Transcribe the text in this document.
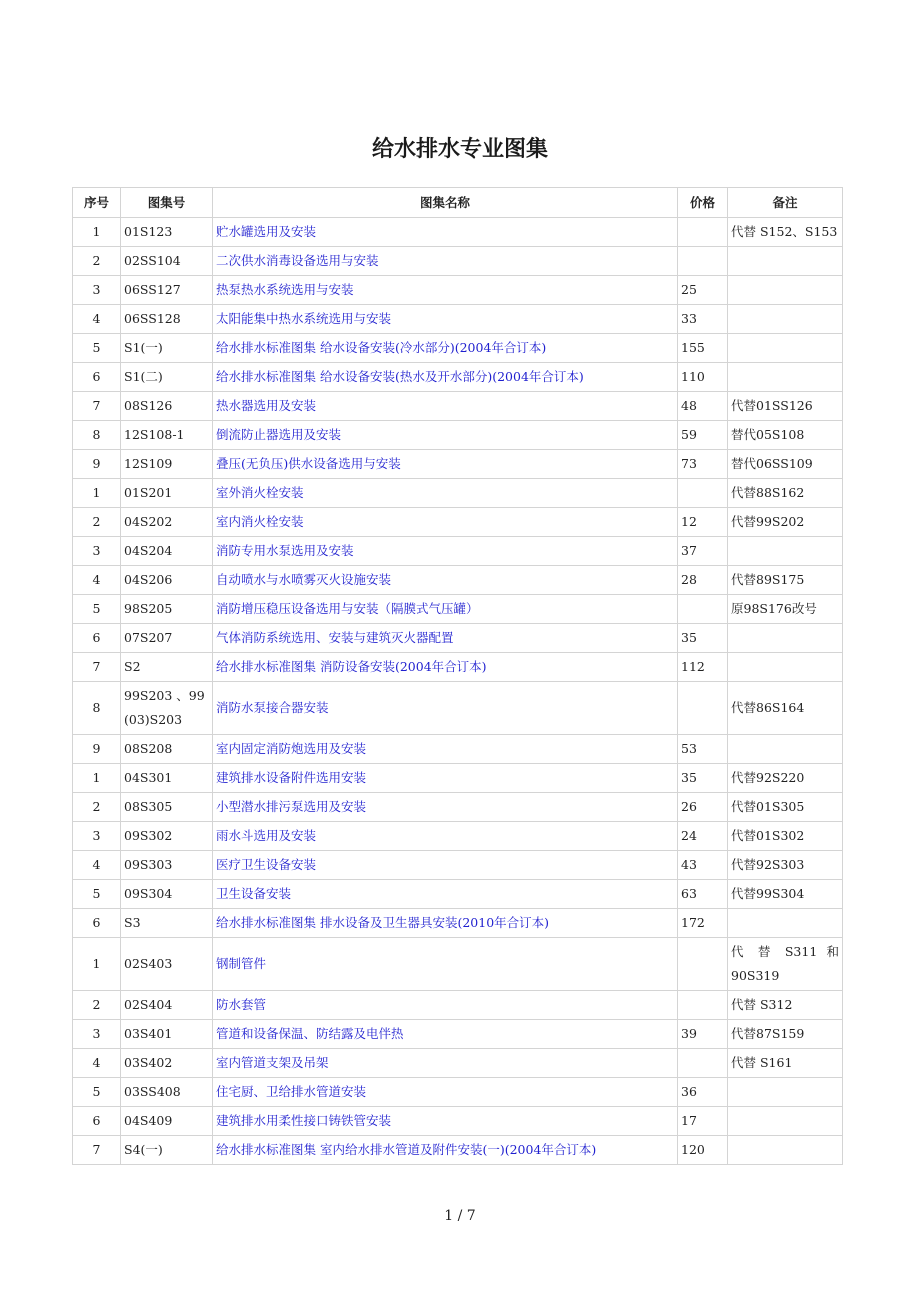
给水排水专业图集
序号	图集号	图集名称	价格	备注
1	01S123	贮水罐选用及安装		代替 S152、S153
2	02SS104	二次供水消毒设备选用与安装		
3	06SS127	热泵热水系统选用与安装	25	
4	06SS128	太阳能集中热水系统选用与安装	33	
5	S1(一)	给水排水标准图集 给水设备安装(冷水部分)(2004年合订本)	155	
6	S1(二)	给水排水标准图集 给水设备安装(热水及开水部分)(2004年合订本)	110	
7	08S126	热水器选用及安装	48	代替01SS126
8	12S108-1	倒流防止器选用及安装	59	替代05S108
9	12S109	叠压(无负压)供水设备选用与安装	73	替代06SS109
1	01S201	室外消火栓安装		代替88S162
2	04S202	室内消火栓安装	12	代替99S202
3	04S204	消防专用水泵选用及安装	37	
4	04S206	自动喷水与水喷雾灭火设施安装	28	代替89S175
5	98S205	消防增压稳压设备选用与安装（隔膜式气压罐）		原98S176改号
6	07S207	气体消防系统选用、安装与建筑灭火器配置	35	
7	S2	给水排水标准图集 消防设备安装(2004年合订本)	112	
8	99S203 、99(03)S203	消防水泵接合器安装		代替86S164
9	08S208	室内固定消防炮选用及安装	53	
1	04S301	建筑排水设备附件选用安装	35	代替92S220
2	08S305	小型潜水排污泵选用及安装	26	代替01S305
3	09S302	雨水斗选用及安装	24	代替01S302
4	09S303	医疗卫生设备安装	43	代替92S303
5	09S304	卫生设备安装	63	代替99S304
6	S3	给水排水标准图集 排水设备及卫生器具安装(2010年合订本)	172	
1	02S403	钢制管件		代 替 S311 和 90S319
2	02S404	防水套管		代替 S312
3	03S401	管道和设备保温、防结露及电伴热	39	代替87S159
4	03S402	室内管道支架及吊架		代替 S161
5	03SS408	住宅厨、卫给排水管道安装	36	
6	04S409	建筑排水用柔性接口铸铁管安装	17	
7	S4(一)	给水排水标准图集 室内给水排水管道及附件安装(一)(2004年合订本)	120	
1 / 7
